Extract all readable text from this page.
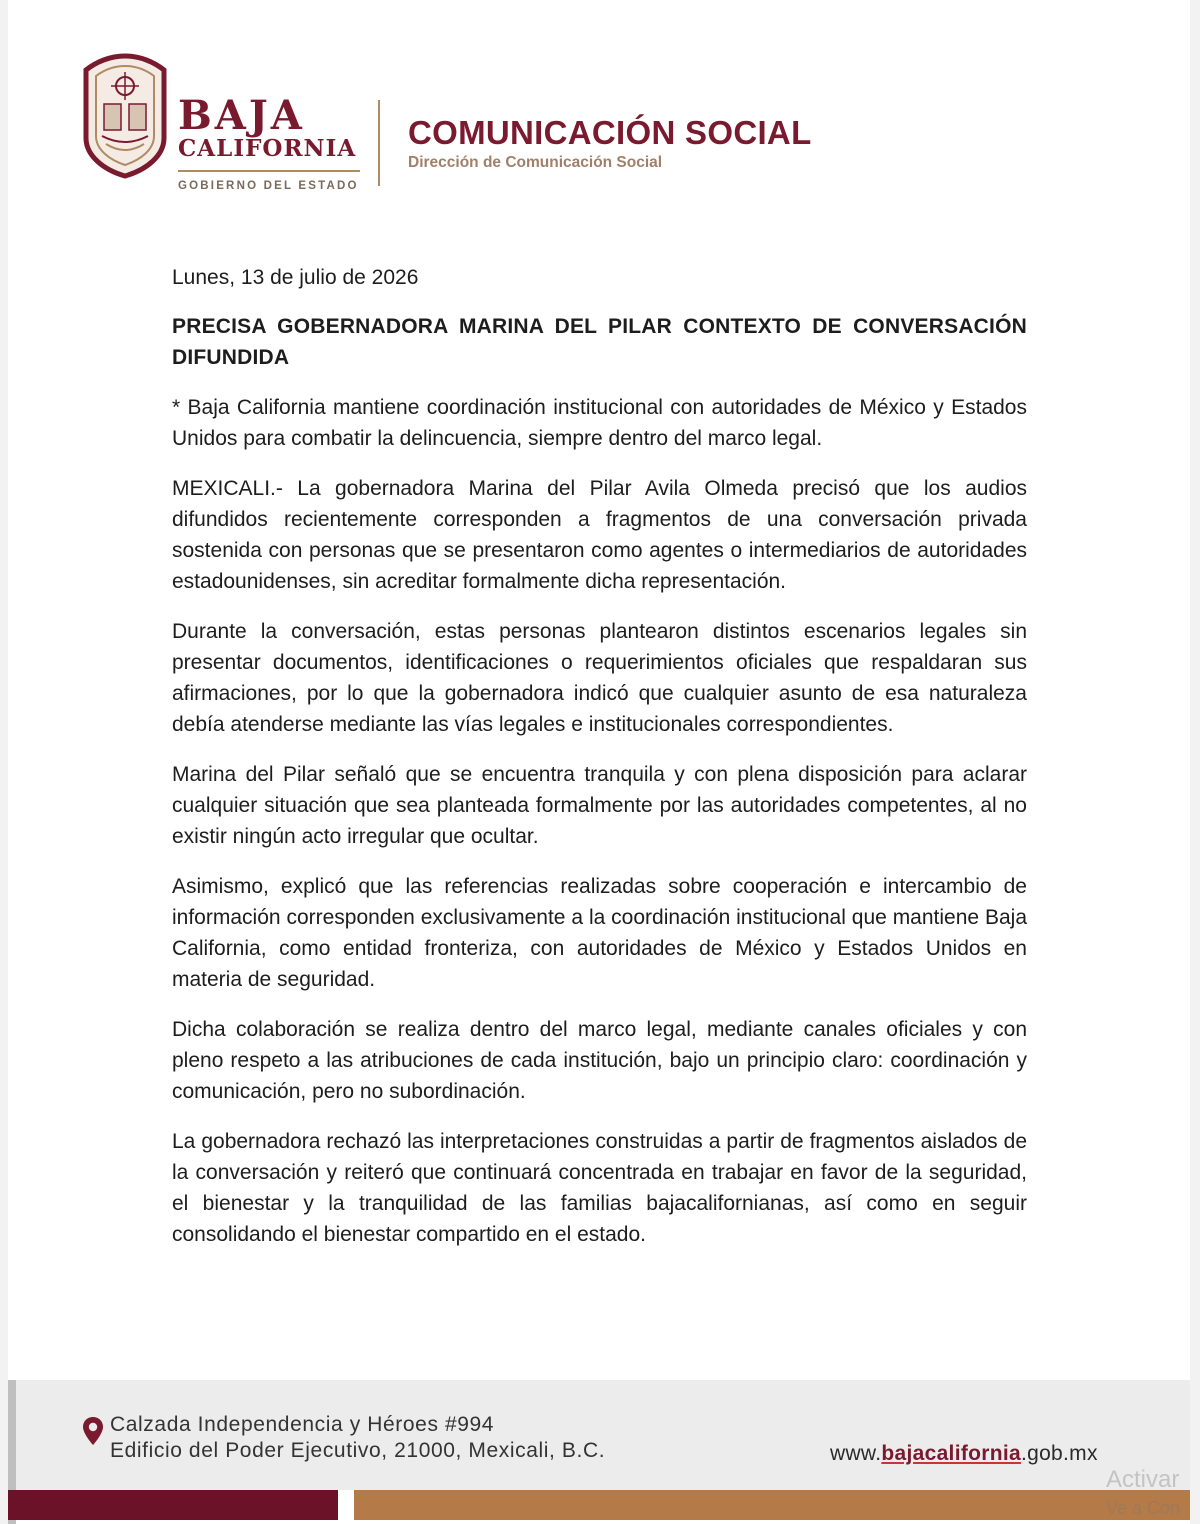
BAJA

CALIFORNIA

GOBIERNO DEL ESTADO

COMUNICACIÓN SOCIAL

Dirección de Comunicación Social

Lunes, 13 de julio de 2026

PRECISA GOBERNADORA MARINA DEL PILAR CONTEXTO DE CONVERSACIÓN DIFUNDIDA

* Baja California mantiene coordinación institucional con autoridades de México y Estados Unidos para combatir la delincuencia, siempre dentro del marco legal.

MEXICALI.- La gobernadora Marina del Pilar Avila Olmeda precisó que los audios difundidos recientemente corresponden a fragmentos de una conversación privada sostenida con personas que se presentaron como agentes o intermediarios de autoridades estadounidenses, sin acreditar formalmente dicha representación.

Durante la conversación, estas personas plantearon distintos escenarios legales sin presentar documentos, identificaciones o requerimientos oficiales que respaldaran sus afirmaciones, por lo que la gobernadora indicó que cualquier asunto de esa naturaleza debía atenderse mediante las vías legales e institucionales correspondientes.

Marina del Pilar señaló que se encuentra tranquila y con plena disposición para aclarar cualquier situación que sea planteada formalmente por las autoridades competentes, al no existir ningún acto irregular que ocultar.

Asimismo, explicó que las referencias realizadas sobre cooperación e intercambio de información corresponden exclusivamente a la coordinación institucional que mantiene Baja California, como entidad fronteriza, con autoridades de México y Estados Unidos en materia de seguridad.

Dicha colaboración se realiza dentro del marco legal, mediante canales oficiales y con pleno respeto a las atribuciones de cada institución, bajo un principio claro: coordinación y comunicación, pero no subordinación.

La gobernadora rechazó las interpretaciones construidas a partir de fragmentos aislados de la conversación y reiteró que continuará concentrada en trabajar en favor de la seguridad, el bienestar y la tranquilidad de las familias bajacalifornianas, así como en seguir consolidando el bienestar compartido en el estado.

Calzada Independencia y Héroes #994
Edificio del Poder Ejecutivo, 21000, Mexicali, B.C.	www.bajacalifornia.gob.mx
Activar
Ve a Con
